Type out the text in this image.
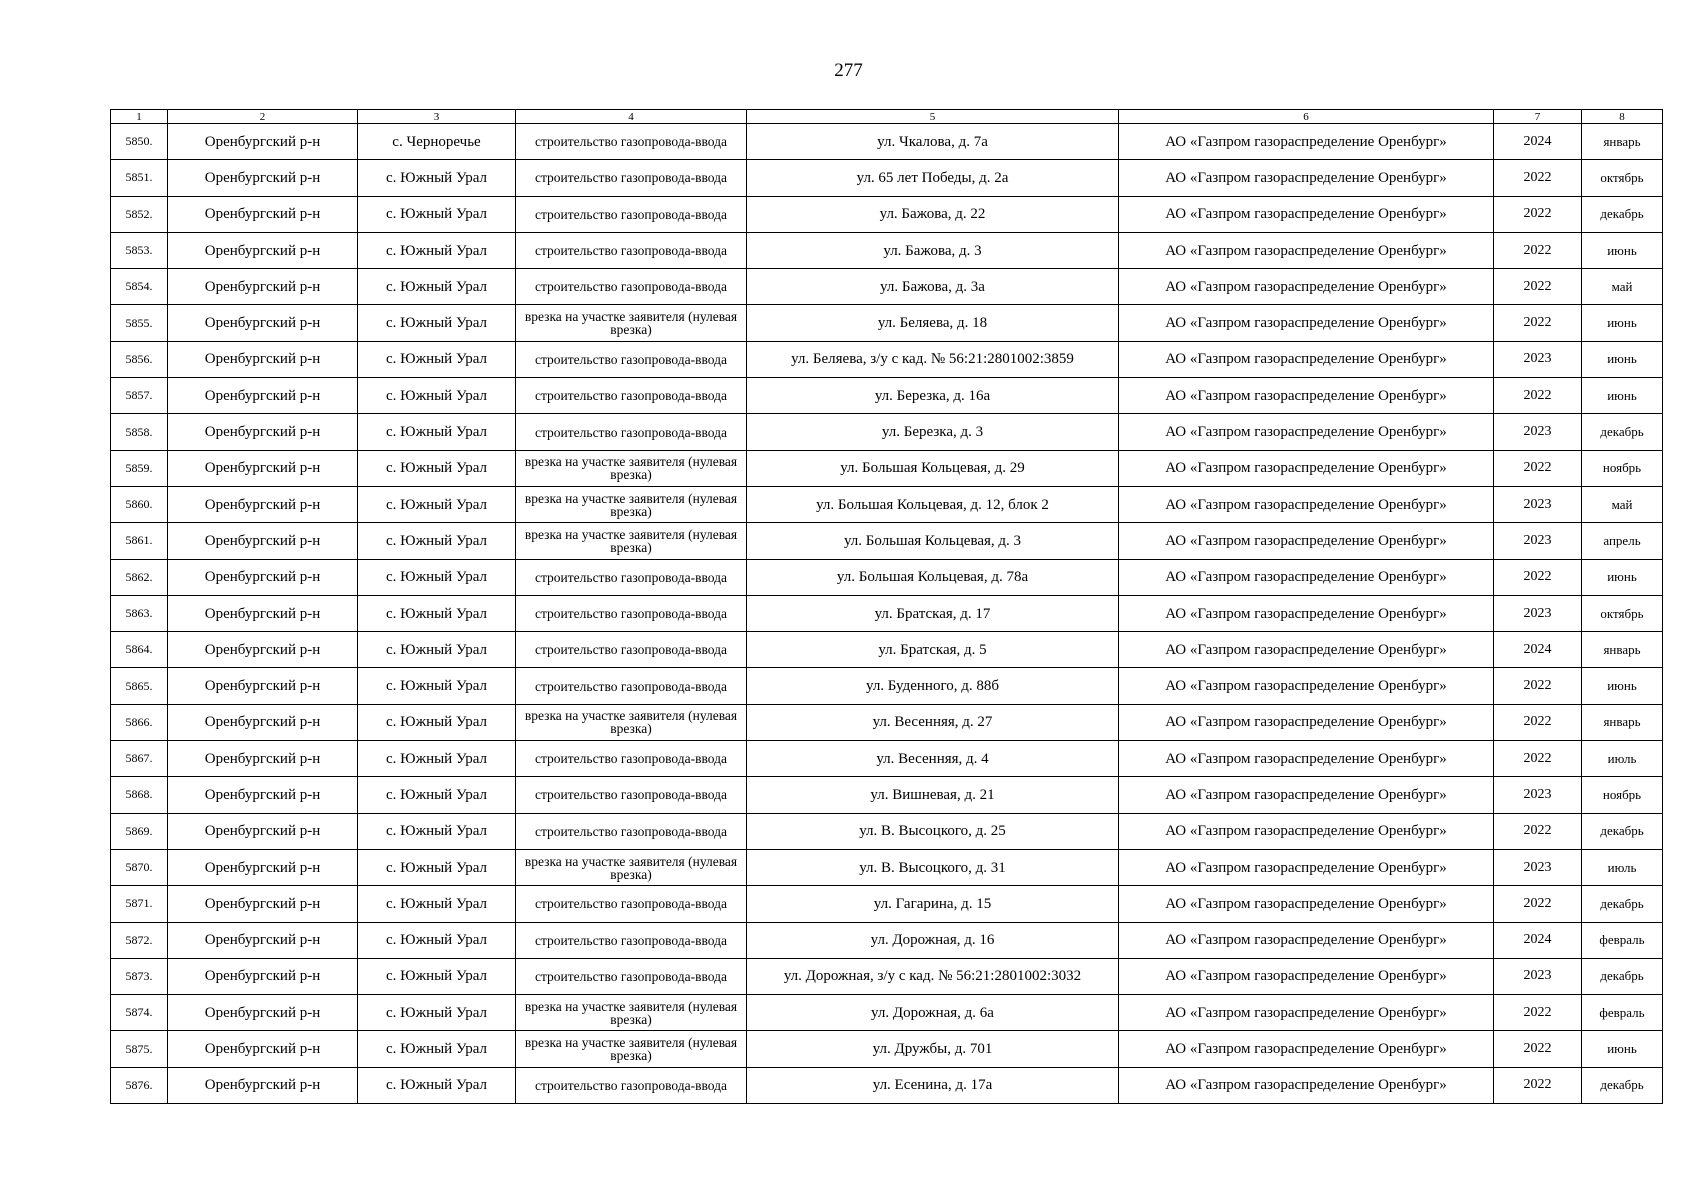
277
1	2	3	4	5	6	7	8
5850.	Оренбургский р-н	с. Черноречье	строительство газопровода-ввода	ул. Чкалова, д. 7а	АО «Газпром газораспределение Оренбург»	2024	январь
5851.	Оренбургский р-н	с. Южный Урал	строительство газопровода-ввода	ул. 65 лет Победы, д. 2а	АО «Газпром газораспределение Оренбург»	2022	октябрь
5852.	Оренбургский р-н	с. Южный Урал	строительство газопровода-ввода	ул. Бажова, д. 22	АО «Газпром газораспределение Оренбург»	2022	декабрь
5853.	Оренбургский р-н	с. Южный Урал	строительство газопровода-ввода	ул. Бажова, д. 3	АО «Газпром газораспределение Оренбург»	2022	июнь
5854.	Оренбургский р-н	с. Южный Урал	строительство газопровода-ввода	ул. Бажова, д. 3а	АО «Газпром газораспределение Оренбург»	2022	май
5855.	Оренбургский р-н	с. Южный Урал	врезка на участке заявителя (нулевая врезка)	ул. Беляева, д. 18	АО «Газпром газораспределение Оренбург»	2022	июнь
5856.	Оренбургский р-н	с. Южный Урал	строительство газопровода-ввода	ул. Беляева, з/у с кад. № 56:21:2801002:3859	АО «Газпром газораспределение Оренбург»	2023	июнь
5857.	Оренбургский р-н	с. Южный Урал	строительство газопровода-ввода	ул. Березка, д. 16а	АО «Газпром газораспределение Оренбург»	2022	июнь
5858.	Оренбургский р-н	с. Южный Урал	строительство газопровода-ввода	ул. Березка, д. 3	АО «Газпром газораспределение Оренбург»	2023	декабрь
5859.	Оренбургский р-н	с. Южный Урал	врезка на участке заявителя (нулевая врезка)	ул. Большая Кольцевая, д. 29	АО «Газпром газораспределение Оренбург»	2022	ноябрь
5860.	Оренбургский р-н	с. Южный Урал	врезка на участке заявителя (нулевая врезка)	ул. Большая Кольцевая, д. 12, блок 2	АО «Газпром газораспределение Оренбург»	2023	май
5861.	Оренбургский р-н	с. Южный Урал	врезка на участке заявителя (нулевая врезка)	ул. Большая Кольцевая, д. 3	АО «Газпром газораспределение Оренбург»	2023	апрель
5862.	Оренбургский р-н	с. Южный Урал	строительство газопровода-ввода	ул. Большая Кольцевая, д. 78а	АО «Газпром газораспределение Оренбург»	2022	июнь
5863.	Оренбургский р-н	с. Южный Урал	строительство газопровода-ввода	ул. Братская, д. 17	АО «Газпром газораспределение Оренбург»	2023	октябрь
5864.	Оренбургский р-н	с. Южный Урал	строительство газопровода-ввода	ул. Братская, д. 5	АО «Газпром газораспределение Оренбург»	2024	январь
5865.	Оренбургский р-н	с. Южный Урал	строительство газопровода-ввода	ул. Буденного, д. 88б	АО «Газпром газораспределение Оренбург»	2022	июнь
5866.	Оренбургский р-н	с. Южный Урал	врезка на участке заявителя (нулевая врезка)	ул. Весенняя, д. 27	АО «Газпром газораспределение Оренбург»	2022	январь
5867.	Оренбургский р-н	с. Южный Урал	строительство газопровода-ввода	ул. Весенняя, д. 4	АО «Газпром газораспределение Оренбург»	2022	июль
5868.	Оренбургский р-н	с. Южный Урал	строительство газопровода-ввода	ул. Вишневая, д. 21	АО «Газпром газораспределение Оренбург»	2023	ноябрь
5869.	Оренбургский р-н	с. Южный Урал	строительство газопровода-ввода	ул. В. Высоцкого, д. 25	АО «Газпром газораспределение Оренбург»	2022	декабрь
5870.	Оренбургский р-н	с. Южный Урал	врезка на участке заявителя (нулевая врезка)	ул. В. Высоцкого, д. 31	АО «Газпром газораспределение Оренбург»	2023	июль
5871.	Оренбургский р-н	с. Южный Урал	строительство газопровода-ввода	ул. Гагарина, д. 15	АО «Газпром газораспределение Оренбург»	2022	декабрь
5872.	Оренбургский р-н	с. Южный Урал	строительство газопровода-ввода	ул. Дорожная, д. 16	АО «Газпром газораспределение Оренбург»	2024	февраль
5873.	Оренбургский р-н	с. Южный Урал	строительство газопровода-ввода	ул. Дорожная, з/у с кад. № 56:21:2801002:3032	АО «Газпром газораспределение Оренбург»	2023	декабрь
5874.	Оренбургский р-н	с. Южный Урал	врезка на участке заявителя (нулевая врезка)	ул. Дорожная, д. 6а	АО «Газпром газораспределение Оренбург»	2022	февраль
5875.	Оренбургский р-н	с. Южный Урал	врезка на участке заявителя (нулевая врезка)	ул. Дружбы, д. 701	АО «Газпром газораспределение Оренбург»	2022	июнь
5876.	Оренбургский р-н	с. Южный Урал	строительство газопровода-ввода	ул. Есенина, д. 17а	АО «Газпром газораспределение Оренбург»	2022	декабрь
